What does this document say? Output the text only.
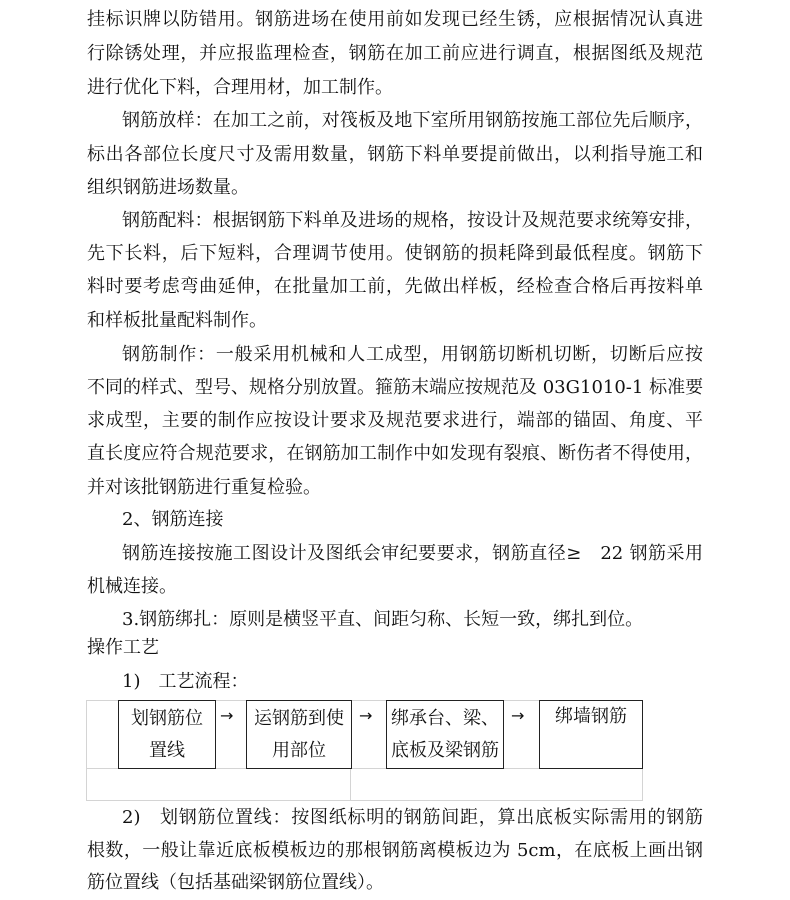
挂标识牌以防错用。钢筋进场在使用前如发现已经生锈，应根据情况认真进
行除锈处理，并应报监理检查，钢筋在加工前应进行调直，根据图纸及规范
进行优化下料，合理用材，加工制作。
钢筋放样：在加工之前，对筏板及地下室所用钢筋按施工部位先后顺序，
标出各部位长度尺寸及需用数量，钢筋下料单要提前做出，以利指导施工和
组织钢筋进场数量。
钢筋配料：根据钢筋下料单及进场的规格，按设计及规范要求统筹安排，
先下长料，后下短料，合理调节使用。使钢筋的损耗降到最低程度。钢筋下
料时要考虑弯曲延伸，在批量加工前，先做出样板，经检查合格后再按料单
和样板批量配料制作。
钢筋制作：一般采用机械和人工成型，用钢筋切断机切断，切断后应按
不同的样式、型号、规格分别放置。箍筋末端应按规范及 03G1010-1 标准要
求成型，主要的制作应按设计要求及规范要求进行，端部的锚固、角度、平
直长度应符合规范要求，在钢筋加工制作中如发现有裂痕、断伤者不得使用，
并对该批钢筋进行重复检验。
2、钢筋连接
钢筋连接按施工图设计及图纸会审纪要要求，钢筋直径≥　22 钢筋采用
机械连接。
3.钢筋绑扎：原则是横竖平直、间距匀称、长短一致，绑扎到位。
操作工艺
1)　工艺流程：
划钢筋位
置线
→ 运钢筋到使
用部位
→ 绑承台、梁、
底板及梁钢筋
→ 绑墙钢筋
2)　划钢筋位置线：按图纸标明的钢筋间距，算出底板实际需用的钢筋
根数，一般让靠近底板模板边的那根钢筋离模板边为 5cm，在底板上画出钢
筋位置线（包括基础梁钢筋位置线）。
